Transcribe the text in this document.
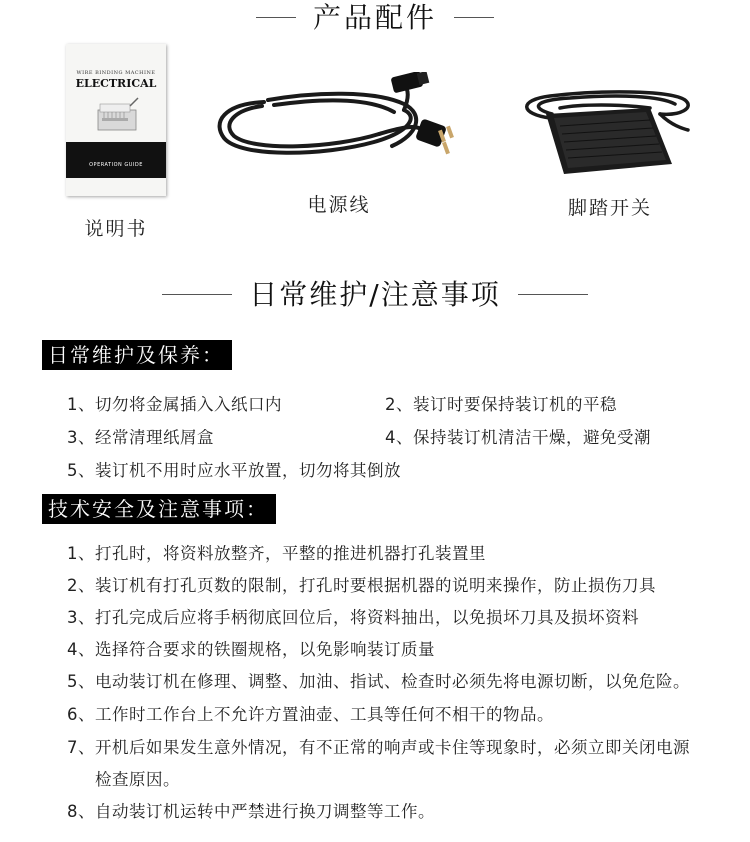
产品配件
WIRE BINDING MACHINE
ELECTRICAL
OPERATION GUIDE
说明书
电源线	脚踏开关
日常维护/注意事项
日常维护及保养：
1、切勿将金属插入入纸口内	2、装订时要保持装订机的平稳
3、经常清理纸屑盒	4、保持装订机清洁干燥，避免受潮
5、装订机不用时应水平放置，切勿将其倒放
技术安全及注意事项：
1、打孔时，将资料放整齐，平整的推进机器打孔装置里
2、装订机有打孔页数的限制，打孔时要根据机器的说明来操作，防止损伤刀具
3、打孔完成后应将手柄彻底回位后，将资料抽出，以免损坏刀具及损坏资料
4、选择符合要求的铁圈规格，以免影响装订质量
5、电动装订机在修理、调整、加油、指试、检查时必须先将电源切断，以免危险。
6、工作时工作台上不允许方置油壶、工具等任何不相干的物品。
7、开机后如果发生意外情况，有不正常的响声或卡住等现象时，必须立即关闭电源
检查原因。
8、自动装订机运转中严禁进行换刀调整等工作。
